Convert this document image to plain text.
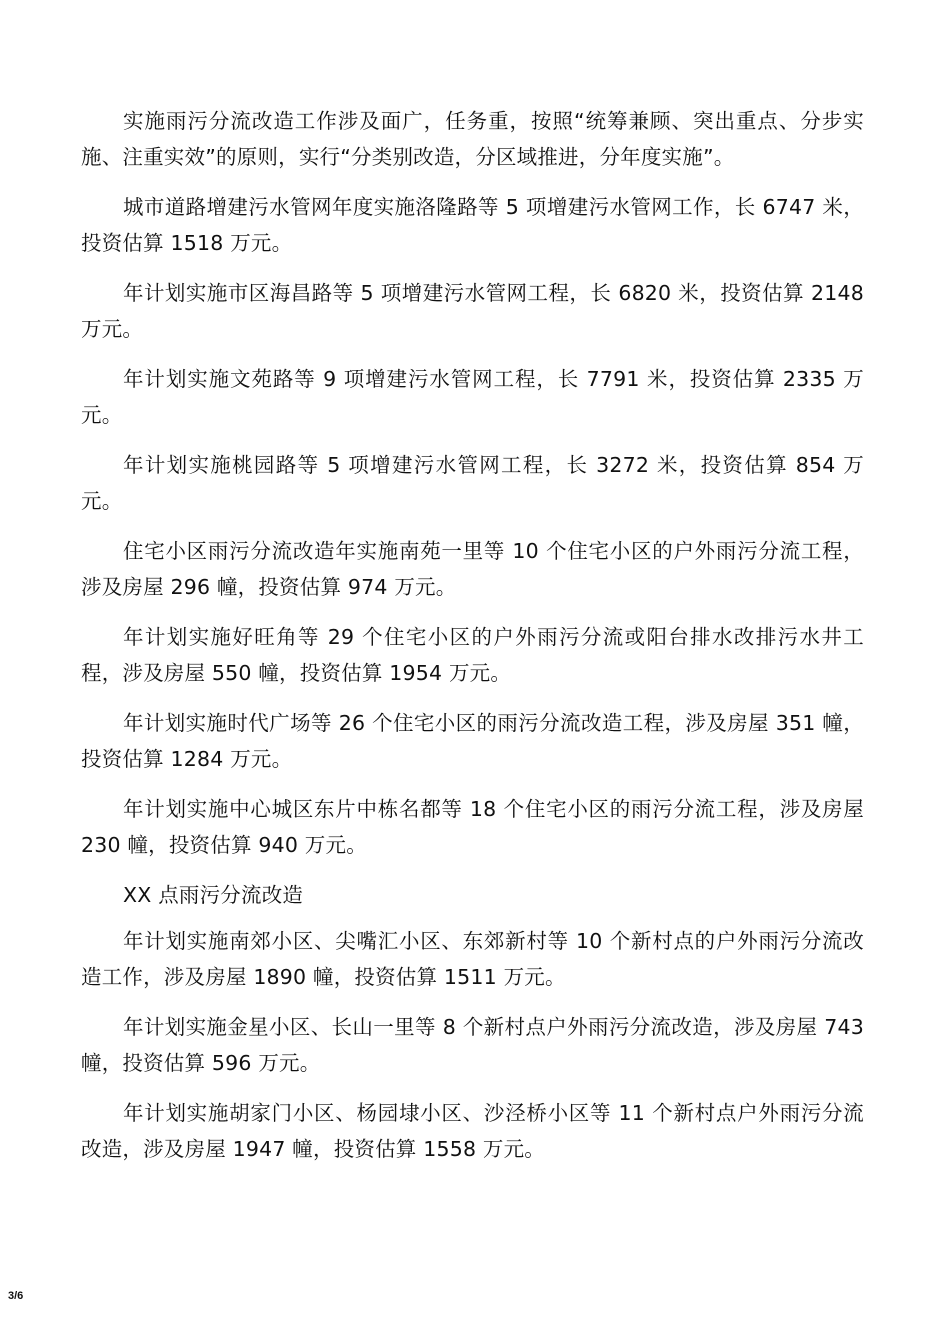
实施雨污分流改造工作涉及面广，任务重，按照“统筹兼顾、突出重点、分步实施、注重实效”的原则，实行“分类别改造，分区域推进，分年度实施”。

城市道路增建污水管网年度实施洛隆路等 5 项增建污水管网工作，长 6747 米，投资估算 1518 万元。

年计划实施市区海昌路等 5 项增建污水管网工程，长 6820 米，投资估算 2148 万元。

年计划实施文苑路等 9 项增建污水管网工程，长 7791 米，投资估算 2335 万元。

年计划实施桃园路等 5 项增建污水管网工程，长 3272 米，投资估算 854 万元。

住宅小区雨污分流改造年实施南苑一里等 10 个住宅小区的户外雨污分流工程，涉及房屋 296 幢，投资估算 974 万元。

年计划实施好旺角等 29 个住宅小区的户外雨污分流或阳台排水改排污水井工程，涉及房屋 550 幢，投资估算 1954 万元。

年计划实施时代广场等 26 个住宅小区的雨污分流改造工程，涉及房屋 351 幢，投资估算 1284 万元。

年计划实施中心城区东片中栋名都等 18 个住宅小区的雨污分流工程，涉及房屋 230 幢，投资估算 940 万元。

XX 点雨污分流改造

年计划实施南郊小区、尖嘴汇小区、东郊新村等 10 个新村点的户外雨污分流改造工作，涉及房屋 1890 幢，投资估算 1511 万元。

年计划实施金星小区、长山一里等 8 个新村点户外雨污分流改造，涉及房屋 743 幢，投资估算 596 万元。

年计划实施胡家门小区、杨园埭小区、沙泾桥小区等 11 个新村点户外雨污分流改造，涉及房屋 1947 幢，投资估算 1558 万元。

3/6
